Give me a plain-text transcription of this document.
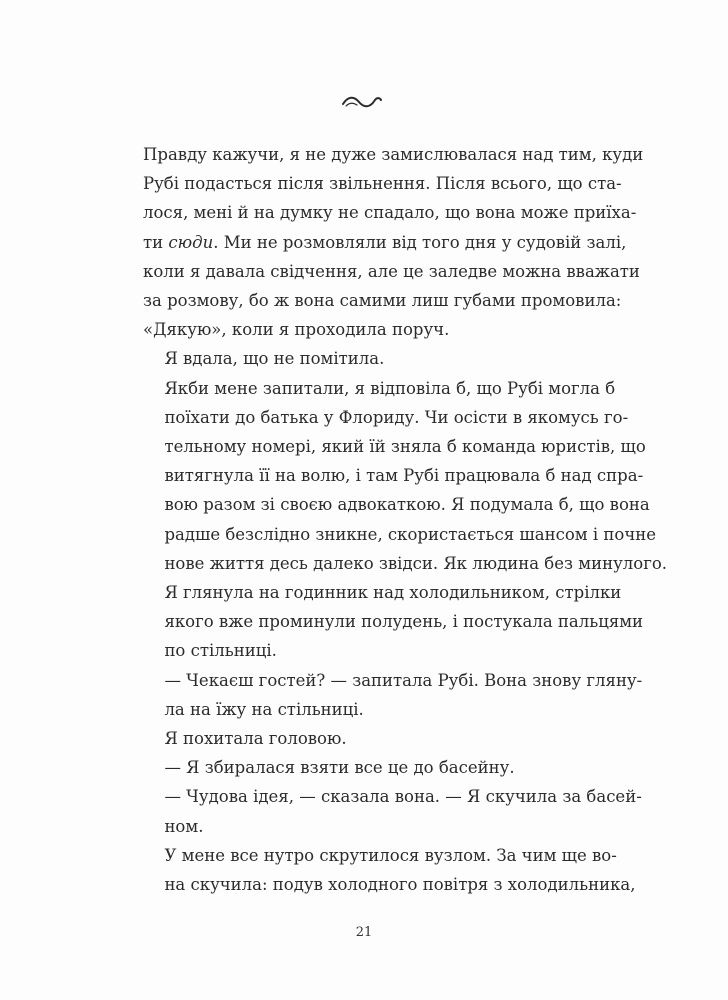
Правду кажучи, я не дуже замислювалася над тим, куди
Рубі подасться після звільнення. Після всього, що ста-
лося, мені й на думку не спадало, що вона може приїха-
ти сюди. Ми не розмовляли від того дня у судовій залі,
коли я давала свідчення, але це заледве можна вважати
за розмову, бо ж вона самими лиш губами промовила:
«Дякую», коли я проходила поруч.
Я вдала, що не помітила.
Якби мене запитали, я відповіла б, що Рубі могла б
поїхати до батька у Флориду. Чи осісти в якомусь го-
тельному номері, який їй зняла б команда юристів, що
витягнула її на волю, і там Рубі працювала б над спра-
вою разом зі своєю адвокаткою. Я подумала б, що вона
радше безслідно зникне, скористається шансом і почне
нове життя десь далеко звідси. Як людина без минулого.
Я глянула на годинник над холодильником, стрілки
якого вже проминули полудень, і постукала пальцями
по стільниці.
— Чекаєш гостей? — запитала Рубі. Вона знову гляну-
ла на їжу на стільниці.
Я похитала головою.
— Я збиралася взяти все це до басейну.
— Чудова ідея, — сказала вона. — Я скучила за басей-
ном.
У мене все нутро скрутилося вузлом. За чим ще во-
на скучила: подув холодного повітря з холодильника,
21
